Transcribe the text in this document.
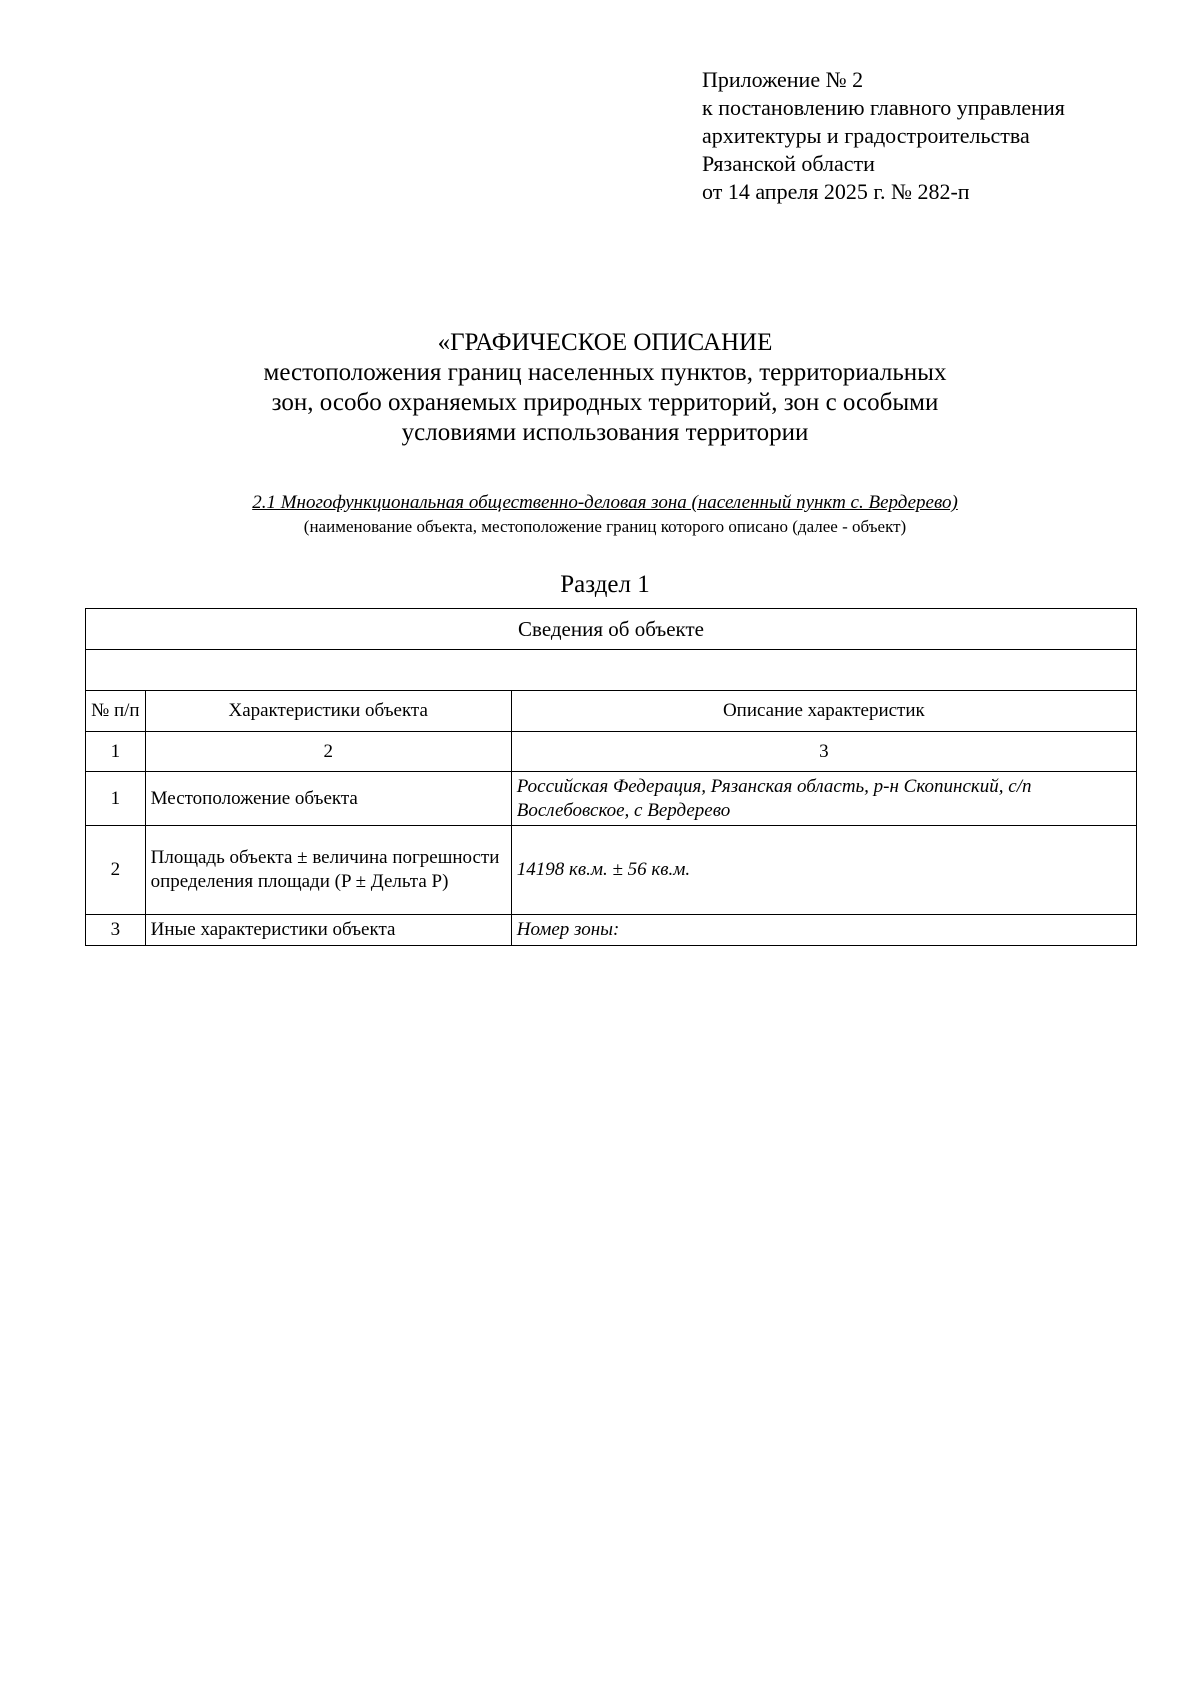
Приложение № 2
к постановлению главного управления
архитектуры и градостроительства
Рязанской области
от 14 апреля 2025 г. № 282-п
«ГРАФИЧЕСКОЕ ОПИСАНИЕ
местоположения границ населенных пунктов, территориальных
зон, особо охраняемых природных территорий, зон с особыми
условиями использования территории
2.1 Многофункциональная общественно-деловая зона (населенный пункт с. Вердерево)
(наименование объекта, местоположение границ которого описано (далее - объект)
Раздел 1
Сведения об объекте		

№ п/п	Характеристики объекта	Описание характеристик
1	2	3
1	Местоположение объекта	Российская Федерация, Рязанская область, р-н Скопинский, с/п Вослебовское, с Вердерево
2	Площадь объекта ± величина погрешности определения площади (P ± Дельта P)	14198 кв.м. ± 56 кв.м.
3	Иные характеристики объекта	Номер зоны:
